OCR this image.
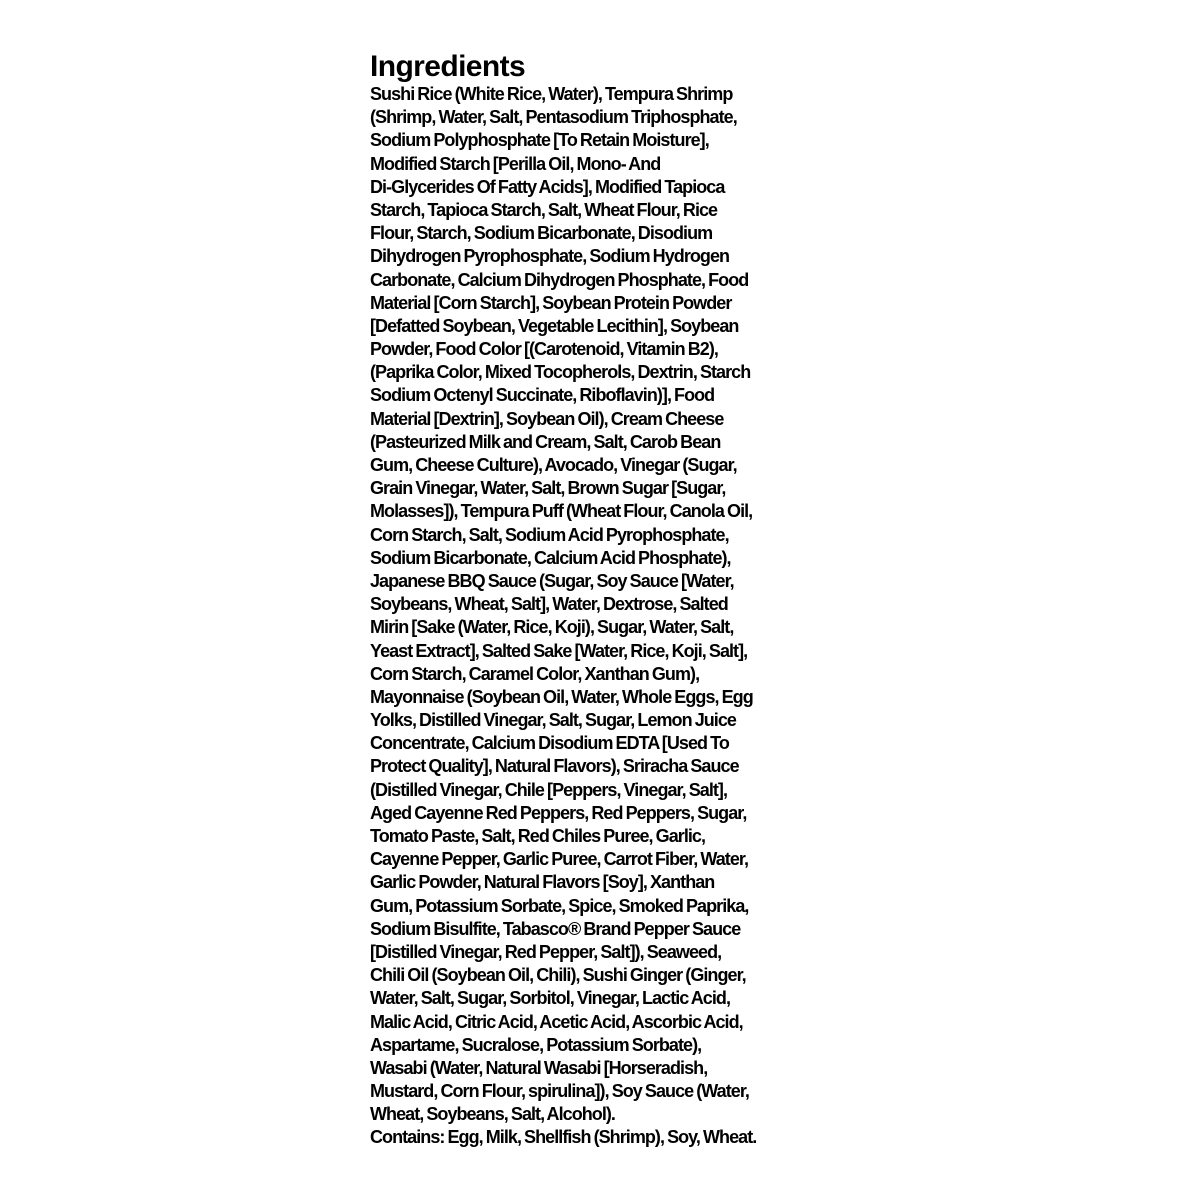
Ingredients
Sushi Rice (White Rice, Water), Tempura Shrimp
(Shrimp, Water, Salt, Pentasodium Triphosphate,
Sodium Polyphosphate [To Retain Moisture],
Modified Starch [Perilla Oil, Mono- And
Di-Glycerides Of Fatty Acids], Modified Tapioca
Starch, Tapioca Starch, Salt, Wheat Flour, Rice
Flour, Starch, Sodium Bicarbonate, Disodium
Dihydrogen Pyrophosphate, Sodium Hydrogen
Carbonate, Calcium Dihydrogen Phosphate, Food
Material [Corn Starch], Soybean Protein Powder
[Defatted Soybean, Vegetable Lecithin], Soybean
Powder, Food Color [(Carotenoid, Vitamin B2),
(Paprika Color, Mixed Tocopherols, Dextrin, Starch
Sodium Octenyl Succinate, Riboflavin)], Food
Material [Dextrin], Soybean Oil), Cream Cheese
(Pasteurized Milk and Cream, Salt, Carob Bean
Gum, Cheese Culture), Avocado, Vinegar (Sugar,
Grain Vinegar, Water, Salt, Brown Sugar [Sugar,
Molasses]), Tempura Puff (Wheat Flour, Canola Oil,
Corn Starch, Salt, Sodium Acid Pyrophosphate,
Sodium Bicarbonate, Calcium Acid Phosphate),
Japanese BBQ Sauce (Sugar, Soy Sauce [Water,
Soybeans, Wheat, Salt], Water, Dextrose, Salted
Mirin [Sake (Water, Rice, Koji), Sugar, Water, Salt,
Yeast Extract], Salted Sake [Water, Rice, Koji, Salt],
Corn Starch, Caramel Color, Xanthan Gum),
Mayonnaise (Soybean Oil, Water, Whole Eggs, Egg
Yolks, Distilled Vinegar, Salt, Sugar, Lemon Juice
Concentrate, Calcium Disodium EDTA [Used To
Protect Quality], Natural Flavors), Sriracha Sauce
(Distilled Vinegar, Chile [Peppers, Vinegar, Salt],
Aged Cayenne Red Peppers, Red Peppers, Sugar,
Tomato Paste, Salt, Red Chiles Puree, Garlic,
Cayenne Pepper, Garlic Puree, Carrot Fiber, Water,
Garlic Powder, Natural Flavors [Soy], Xanthan
Gum, Potassium Sorbate, Spice, Smoked Paprika,
Sodium Bisulfite, Tabasco® Brand Pepper Sauce
[Distilled Vinegar, Red Pepper, Salt]), Seaweed,
Chili Oil (Soybean Oil, Chili), Sushi Ginger (Ginger,
Water, Salt, Sugar, Sorbitol, Vinegar, Lactic Acid,
Malic Acid, Citric Acid, Acetic Acid, Ascorbic Acid,
Aspartame, Sucralose, Potassium Sorbate),
Wasabi (Water, Natural Wasabi [Horseradish,
Mustard, Corn Flour, spirulina]), Soy Sauce (Water,
Wheat, Soybeans, Salt, Alcohol).
Contains: Egg, Milk, Shellfish (Shrimp), Soy, Wheat.
